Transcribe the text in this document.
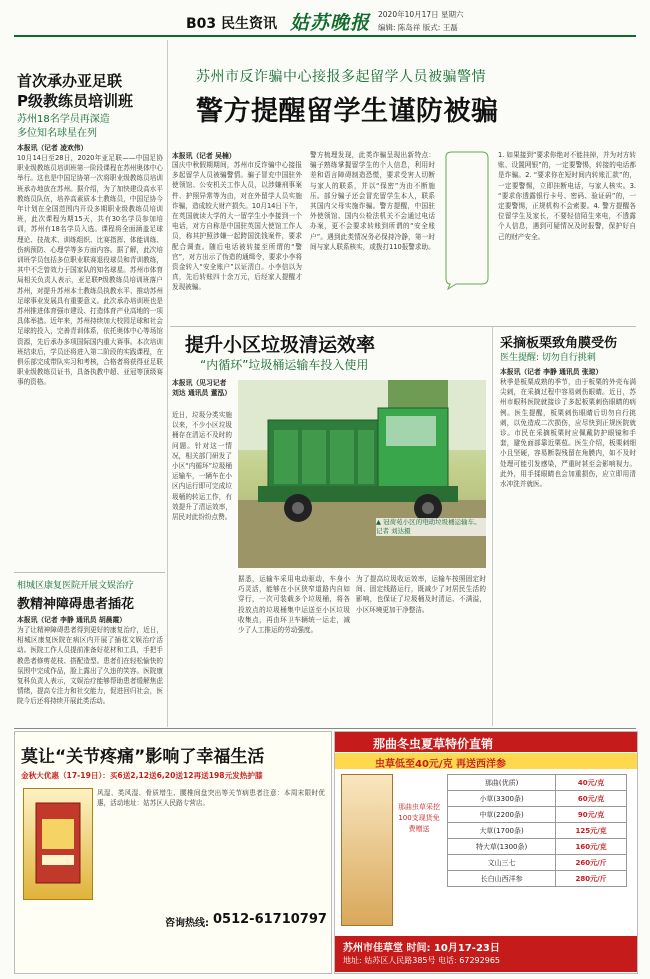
B03 民生资讯 姑苏晚报 2020年10月17日 星期六
编辑: 陈岛祥 版式: 王磊
首次承办亚足联
P级教练员培训班
苏州18名学员再深造
多位知名球星在列
本报讯（记者 凌欢伟）
10月14日至28日，2020年亚足联——中国足协职业级教练员培训班第一阶段课程在苏州奥体中心举行。这也是中国足协第一次将职业级教练员培训班承办地放在苏州。据介绍，为了加快建设高水平教练员队伍，培养高素质本土教练员，中国足协今年计划在全国范围内开设多期职业级教练员培训班，此次课程为期15天，共有30名学员参加培训，苏州有18名学员入选。课程将全面涵盖足球理论、技战术、训练组织、比赛指挥、体能训练、伤病预防、心理学等多方面内容。据了解，此次培训班学员包括多位职业联赛退役球员和青训教练，其中不乏曾效力于国家队的知名球星。苏州市体育局相关负责人表示，亚足联P级教练员培训班落户苏州，对提升苏州本土教练员执教水平、推动苏州足球事业发展具有重要意义。此次承办培训班也是苏州推进体育强市建设、打造体育产业高地的一项具体举措。近年来，苏州持续加大校园足球和社会足球的投入，完善青训体系，依托奥体中心等场馆资源，先后承办多项国际国内重大赛事。本次培训班结束后，学员还将进入第二阶段的实践课程，在俱乐部完成带队实习和考核，合格者将获得亚足联职业级教练员证书，具备执教中超、亚冠等顶级赛事的资格。
相城区康复医院开展文娱治疗
教精神障碍患者插花
本报讯（记者 李静 通讯员 胡晨霞）
为了让精神障碍患者得到更好的康复治疗，近日，相城区康复医院在病区内开展了插花文娱治疗活动。医院工作人员提前准备好花材和工具，手把手教患者修剪花枝、搭配造型。患者们在轻松愉快的氛围中完成作品，脸上露出了久违的笑容。医院康复科负责人表示，文娱治疗能够帮助患者缓解焦虑情绪，提高专注力和社交能力，促进回归社会，医院今后还将持续开展此类活动。
苏州市反诈骗中心接报多起留学人员被骗警情
警方提醒留学生谨防被骗
本报讯（记者 吴楠）
国庆中秋假期期间，苏州市反诈骗中心接报多起留学人员被骗警情。骗子冒充中国驻外使领馆、公安机关工作人员，以涉嫌刑事案件、护照异常等为由，对在外留学人员实施诈骗，造成较大财产损失。10月14日下午，在英国就读大学的大一留学生小李接到一个电话，对方自称是中国驻英国大使馆工作人员，称其护照涉嫌一起跨国洗钱案件，要求配合调查。随后电话被转接至所谓的“警官”，对方出示了伪造的通缉令，要求小李将资金转入“安全账户”以证清白。小李信以为真，先后转账四十余万元，后经家人提醒才发现被骗。
警方梳理发现，此类诈骗呈现出新特点：骗子熟练掌握留学生的个人信息，利用时差和语言障碍制造恐慌，要求受害人切断与家人的联系，并以“保密”为由不断施压。部分骗子还会冒充留学生本人，联系其国内父母实施诈骗。警方提醒，中国驻外使领馆、国内公检法机关不会通过电话办案，更不会要求转账到所谓的“安全账户”。遇到此类情况务必保持冷静，第一时间与家人联系核实，或拨打110报警求助。
1. 如果接到“要求你绝对不能挂掉，并为对方转账、设置网银”的，一定要警惕，转接的电话都是诈骗。2. “要求你在短时间内转账汇款”的，一定要警惕，立即挂断电话，与家人核实。3. “要求你透露银行卡号、密码、验证码”的，一定要警惕，正规机构不会索要。4. 警方提醒各位留学生及家长，不要轻信陌生来电，不透露个人信息，遇到可疑情况及时报警，保护好自己的财产安全。
提升小区垃圾清运效率
“内循环”垃圾桶运输车投入使用
本报讯（见习记者 刘达 通讯员 董泓）
近日，垃圾分类实施以来，不少小区垃圾桶存在清运不及时的问题。针对这一情况，相关部门研发了小区“内循环”垃圾桶运输车，一辆车在小区内运行即可完成垃圾桶的转运工作，有效提升了清运效率，居民对此纷纷点赞。
据悉，运输车采用电动驱动，车身小巧灵活，能够在小区狭窄道路内自如穿行，一次可装载多个垃圾桶，将各投放点的垃圾桶集中运送至小区垃圾收集点，再由环卫车辆统一运走，减少了人工推运的劳动强度。
为了提高垃圾收运效率，运输车按照固定时间、固定线路运行，既减少了对居民生活的影响，也保证了垃圾桶及时清运、不满溢，小区环境更加干净整洁。
▲ 冠荷苑小区的电动垃圾桶运输车。记者 刘达摄
采摘板栗致角膜受伤
医生提醒: 切勿自行挑刺
本报讯（记者 李静 通讯员 张琼）
秋季是板栗成熟的季节，由于板栗的外壳布满尖刺，在采摘过程中容易刺伤眼睛。近日，苏州市眼科医院就接诊了多起板栗刺伤眼睛的病例。医生提醒，板栗刺伤眼睛后切勿自行挑刺，以免造成二次损伤，应尽快到正规医院就诊。市民在采摘板栗时应佩戴防护眼镜和手套，避免面部靠近栗苞。医生介绍，板栗刺细小且坚硬，容易断裂残留在角膜内，如不及时处理可能引发感染，严重时甚至会影响视力。此外，用手揉眼睛也会加重损伤，应立即用清水冲洗并就医。
莫让“关节疼痛”影响了幸福生活
金秋大优惠（17-19日）：买6送2,12送6,20送12再送198元发热护膝
风湿、类风湿、骨质增生、腰椎间盘突出等关节病患者注意：本周末限时优惠，活动地址：姑苏区人民路专营店。
咨询热线: 0512-61710797
那曲冬虫夏草特价直销
虫草低至40元/克 再送西洋参
那曲虫草采挖100支现货免费赠送
那曲(优质)	40元/克
小草(3300条)	60元/克
中草(2200条)	90元/克
大草(1700条)	125元/克
特大草(1300条)	160元/克
文山三七	260元/斤
长白山西洋参	280元/斤
苏州市佳草堂 时间: 10月17-23日
地址: 姑苏区人民路385号 电话: 67292965
